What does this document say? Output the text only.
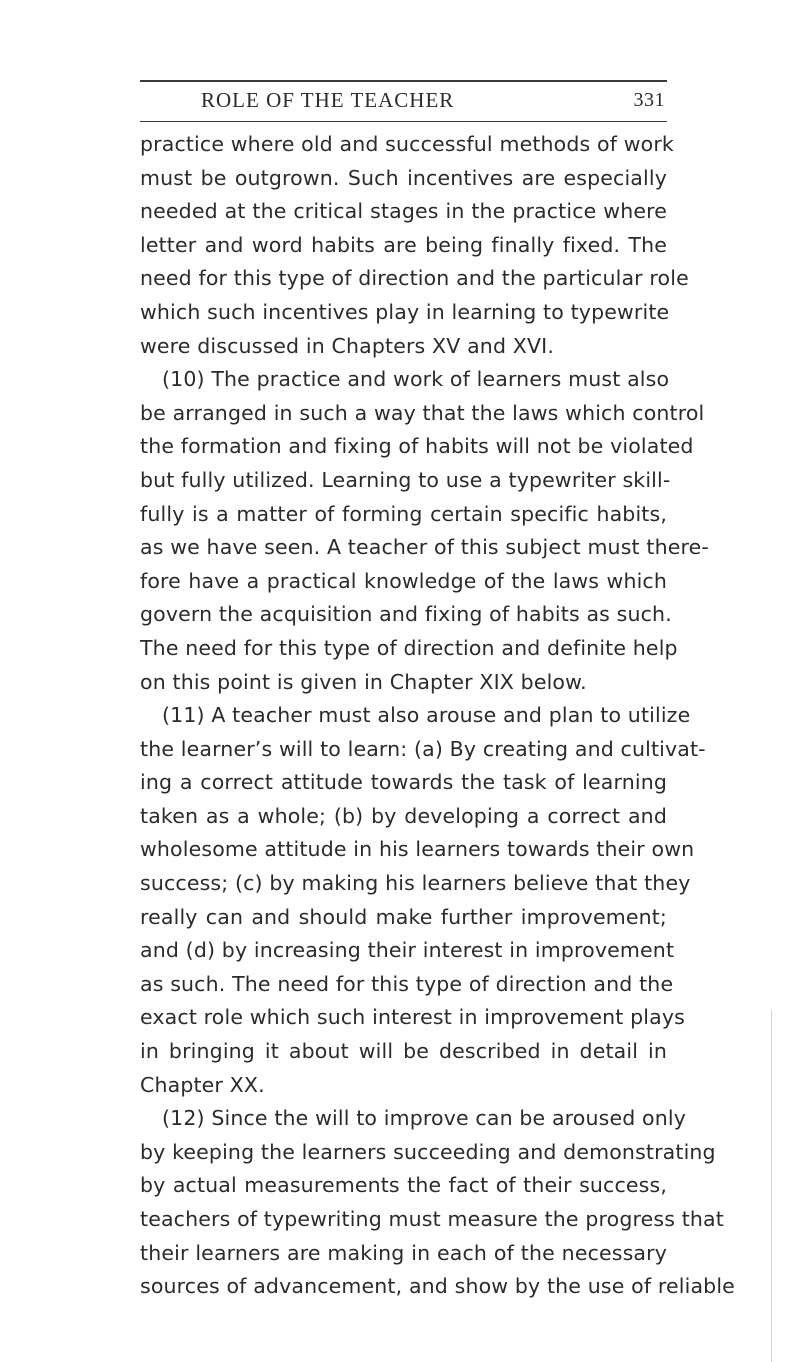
ROLE OF THE TEACHER	331
practice where old and successful methods of work
must be outgrown. Such incentives are especially
needed at the critical stages in the practice where
letter and word habits are being finally fixed. The
need for this type of direction and the particular role
which such incentives play in learning to typewrite
were discussed in Chapters XV and XVI.
(10) The practice and work of learners must also
be arranged in such a way that the laws which control
the formation and fixing of habits will not be violated
but fully utilized. Learning to use a typewriter skill-
fully is a matter of forming certain specific habits,
as we have seen. A teacher of this subject must there-
fore have a practical knowledge of the laws which
govern the acquisition and fixing of habits as such.
The need for this type of direction and definite help
on this point is given in Chapter XIX below.
(11) A teacher must also arouse and plan to utilize
the learner’s will to learn: (a) By creating and cultivat-
ing a correct attitude towards the task of learning
taken as a whole; (b) by developing a correct and
wholesome attitude in his learners towards their own
success; (c) by making his learners believe that they
really can and should make further improvement;
and (d) by increasing their interest in improvement
as such. The need for this type of direction and the
exact role which such interest in improvement plays
in bringing it about will be described in detail in
Chapter XX.
(12) Since the will to improve can be aroused only
by keeping the learners succeeding and demonstrating
by actual measurements the fact of their success,
teachers of typewriting must measure the progress that
their learners are making in each of the necessary
sources of advancement, and show by the use of reliable
